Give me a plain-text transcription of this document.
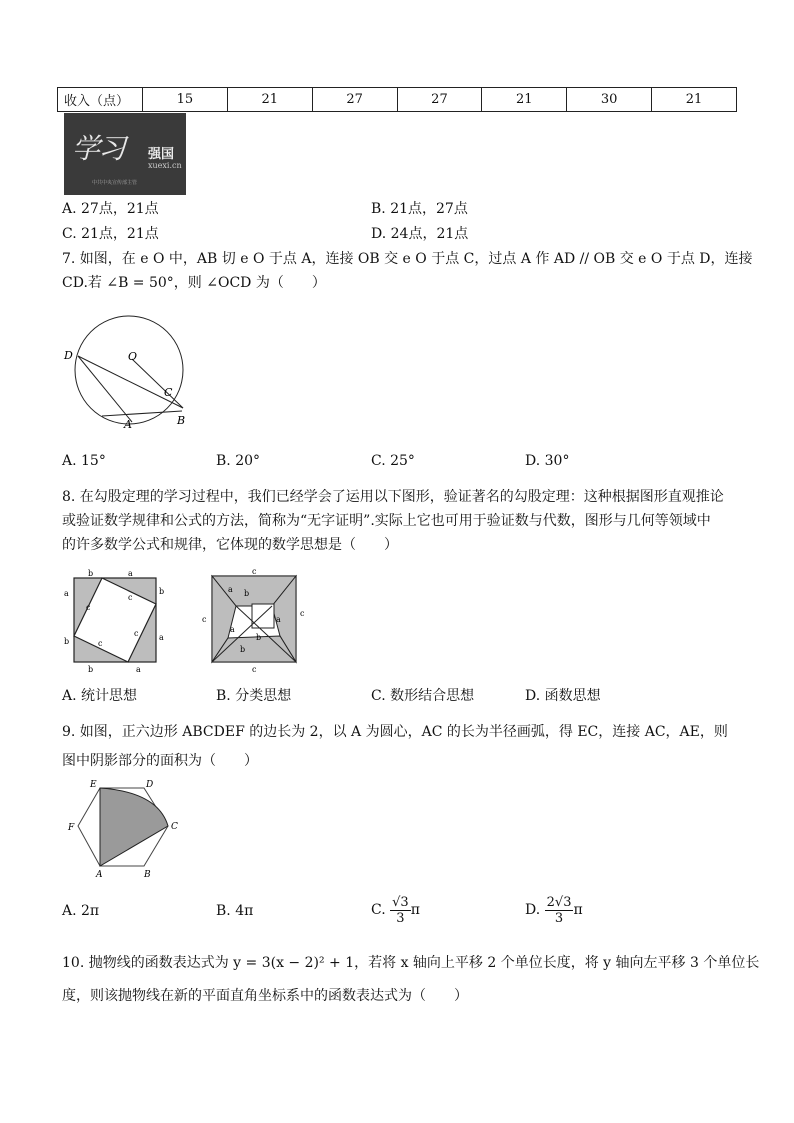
收入（点）	15	21	27	27	21	30	21
学习 强国
xuexi.cn
中共中央宣传部主管
A. 27点，21点	B. 21点，27点
C. 21点，21点	D. 24点，21点
7. 如图，在 e O 中，AB 切 e O 于点 A，连接 OB 交 e O 于点 C，过点 A 作 AD // OB 交 e O 于点 D，连接
CD.若 ∠B = 50°，则 ∠OCD 为（　　）
D	O
C
A	B
A. 15°	B. 20°	C. 25°	D. 30°
8. 在勾股定理的学习过程中，我们已经学会了运用以下图形，验证著名的勾股定理：这种根据图形直观推论
或验证数学规律和公式的方法，简称为“无字证明”.实际上它也可用于验证数与代数，图形与几何等领域中
的许多数学公式和规律，它体现的数学思想是（　　）
b	a
a	b
c
c
c
c
a
b
b	a
c
a b
a
b
c
c
c
b
a
A. 统计思想	B. 分类思想	C. 数形结合思想	D. 函数思想
9. 如图，正六边形 ABCDEF 的边长为 2，以 A 为圆心，AC 的长为半径画弧，得 EC，连接 AC，AE，则
图中阴影部分的面积为（　　）
E	D
C
F
A	B
A. 2π	B. 4π	C. $\frac{√3}{3}$ π	D. $\frac{2√3}{3}$ π
10. 抛物线的函数表达式为 y = 3(x − 2)² + 1，若将 x 轴向上平移 2 个单位长度，将 y 轴向左平移 3 个单位长
度，则该抛物线在新的平面直角坐标系中的函数表达式为（　　）
